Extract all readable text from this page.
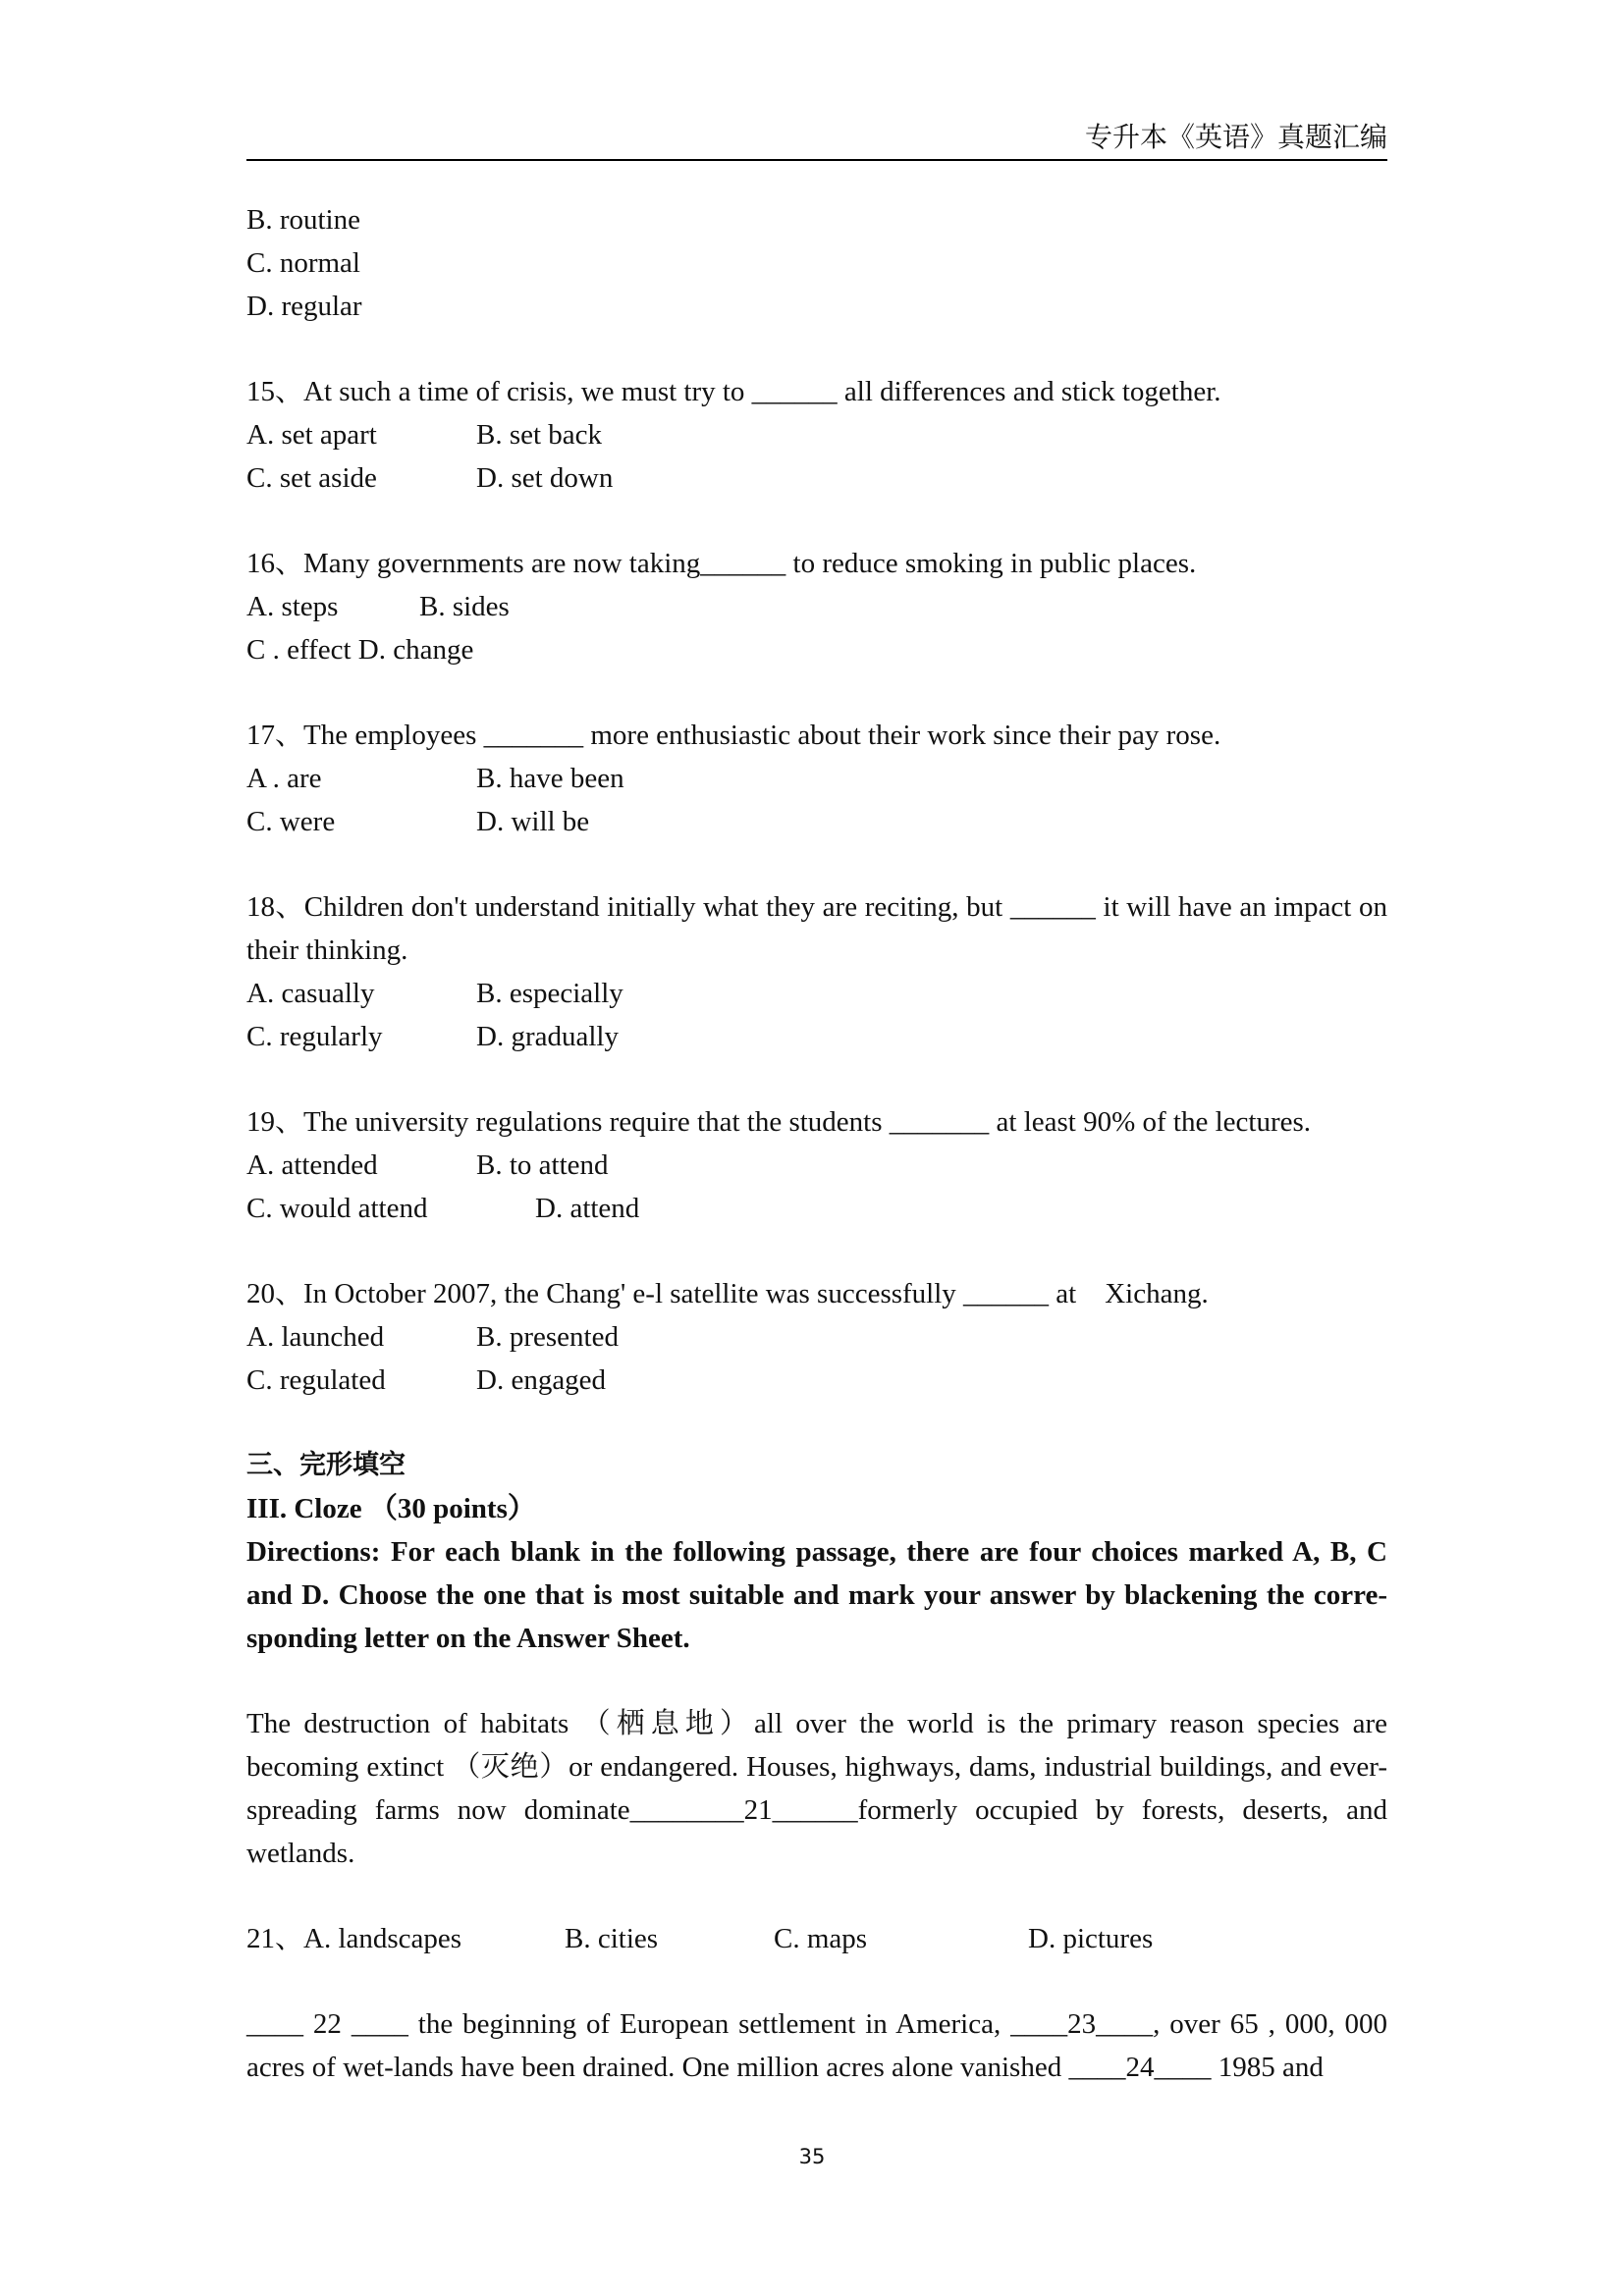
专升本《英语》真题汇编
B. routine
C. normal
D. regular
15、At such a time of crisis, we must try to ______ all differences and stick together.
A. set apart	B. set back
C. set aside	D. set down
16、Many governments are now taking______ to reduce smoking in public places.
A. steps	B. sides
C . effect D. change
17、The employees _______ more enthusiastic about their work since their pay rose.
A . are	B. have been
C. were	D. will be
18、Children don't understand initially what they are reciting, but ______ it will have an impact on their thinking.
A. casually	B. especially
C. regularly	D. gradually
19、The university regulations require that the students _______ at least 90% of the lectures.
A. attended	B. to attend
C. would attend	D. attend
20、In October 2007, the Chang' e-l satellite was successfully ______ at    Xichang.
A. launched	B. presented
C. regulated	D. engaged
三、完形填空
III. Cloze （30 points）
Directions: For each blank in the following passage, there are four choices marked A, B, C and D. Choose the one that is most suitable and mark your answer by blackening the corre-sponding letter on the Answer Sheet.
The destruction of habitats （栖息地）all over the world is the primary reason species are becoming extinct （灭绝）or endangered. Houses, highways, dams, industrial buildings, and ever-spreading farms now dominate________21______formerly occupied by forests, deserts, and wetlands.
21、A. landscapes	B. cities	C. maps	D. pictures
____ 22 ____ the beginning of European settlement in America, ____23____, over 65 , 000, 000 acres of wet-lands have been drained. One million acres alone vanished ____24____ 1985 and
35
